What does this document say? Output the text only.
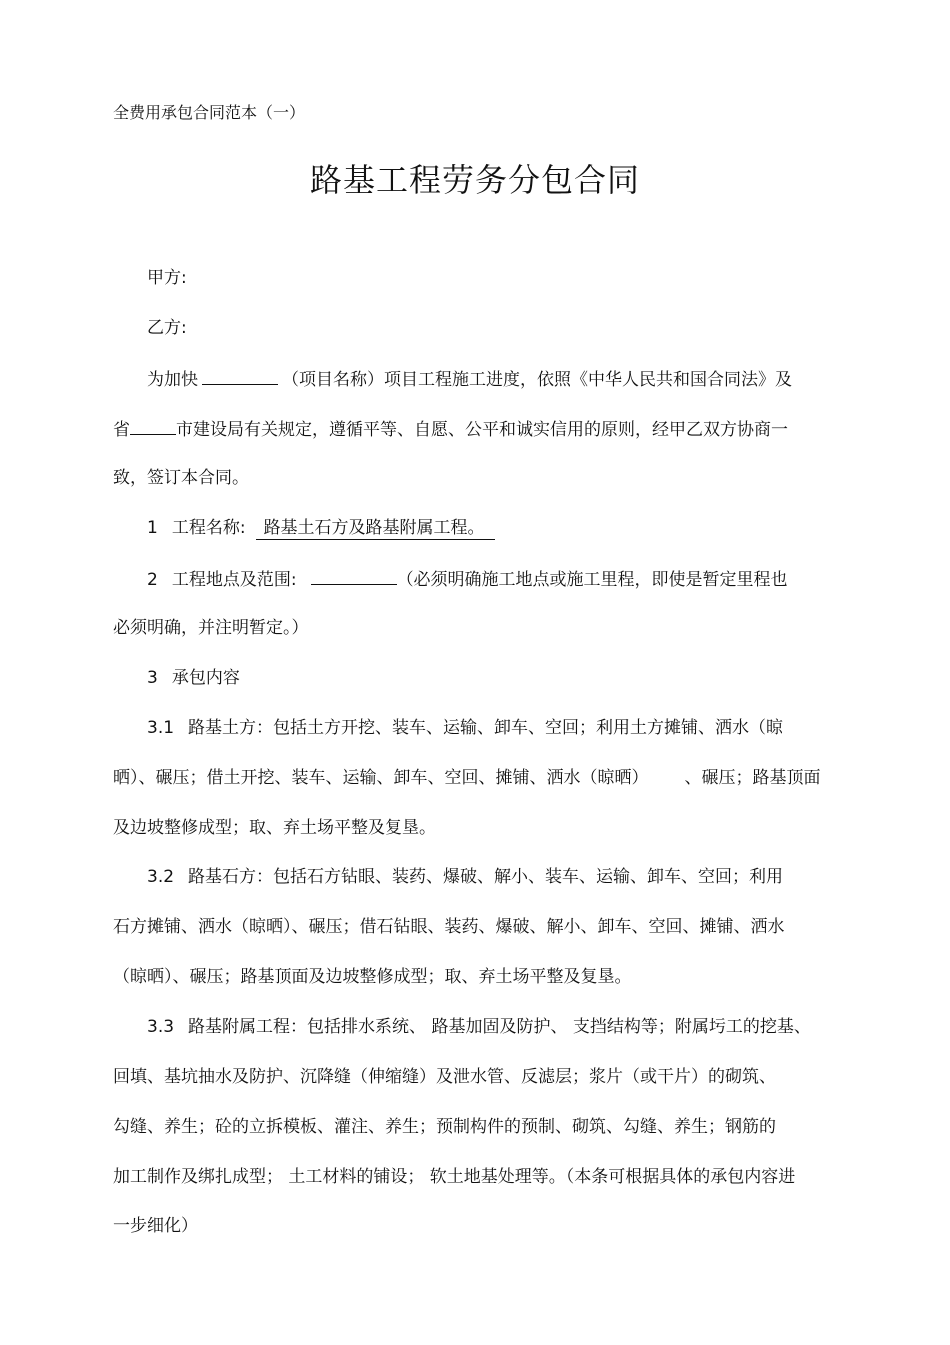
全费用承包合同范本（一）
路基工程劳务分包合同
甲方:
乙方:
为加快	（项目名称）项目工程施工进度，依照《中华人民共和国合同法》及
省	市建设局有关规定，遵循平等、自愿、公平和诚实信用的原则，经甲乙双方协商一
致，签订本合同。
1 工程名称: 路基土石方及路基附属工程。
2 工程地点及范围:	（必须明确施工地点或施工里程，即使是暂定里程也
必须明确，并注明暂定。）
3 承包内容
3.1 路基土方：包括土方开挖、装车、运输、卸车、空回；利用土方摊铺、洒水（晾
晒）、碾压；借土开挖、装车、运输、卸车、空回、摊铺、洒水（晾晒） 、碾压；路基顶面
及边坡整修成型；取、弃土场平整及复垦。
3.2 路基石方：包括石方钻眼、装药、爆破、解小、装车、运输、卸车、空回；利用
石方摊铺、洒水（晾晒）、碾压；借石钻眼、装药、爆破、解小、卸车、空回、摊铺、洒水
（晾晒）、碾压；路基顶面及边坡整修成型；取、弃土场平整及复垦。
3.3 路基附属工程：包括排水系统、 路基加固及防护、 支挡结构等；附属圬工的挖基、
回填、基坑抽水及防护、沉降缝（伸缩缝）及泄水管、反滤层；浆片（或干片）的砌筑、
勾缝、养生；砼的立拆模板、灌注、养生；预制构件的预制、砌筑、勾缝、养生；钢筋的
加工制作及绑扎成型； 土工材料的铺设； 软土地基处理等。（本条可根据具体的承包内容进
一步细化）
